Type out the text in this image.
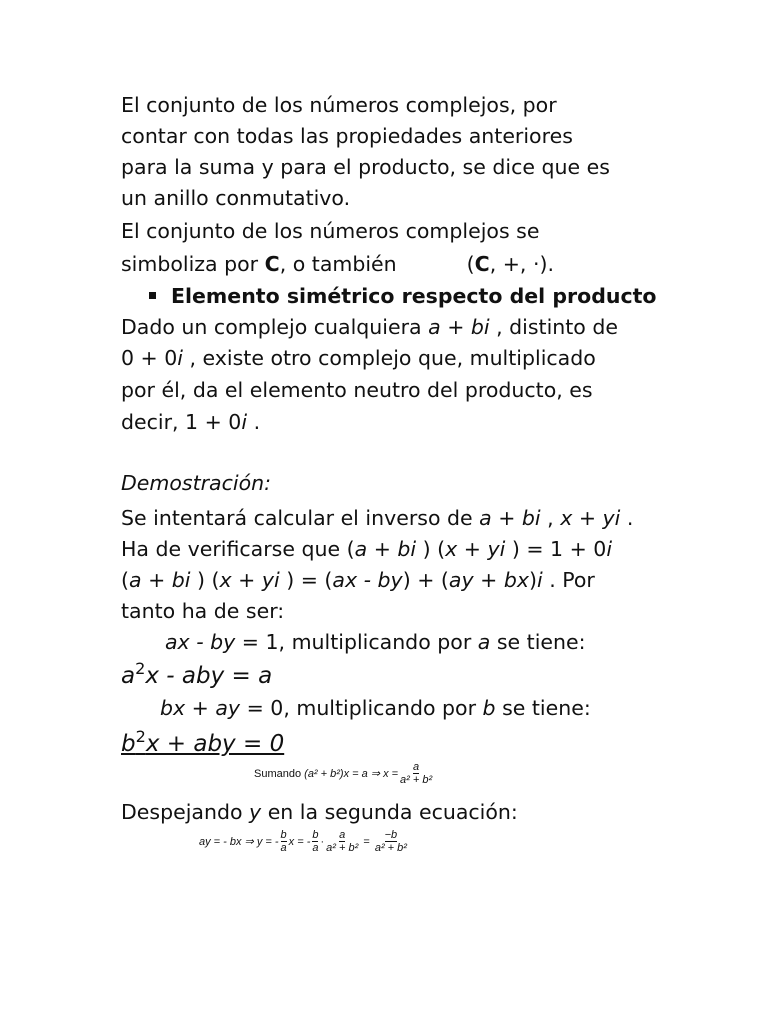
El conjunto de los números complejos, por
contar con todas las propiedades anteriores
para la suma y para el producto, se dice que es
un anillo conmutativo.
El conjunto de los números complejos se
simboliza por C, o también	(C, +, ·).
Elemento simétrico respecto del producto
Dado un complejo cualquiera a + bi , distinto de
0 + 0i , existe otro complejo que, multiplicado
por él, da el elemento neutro del producto, es
decir, 1 + 0i .
Demostración:
Se intentará calcular el inverso de a + bi , x + yi .
Ha de verificarse que (a + bi ) (x + yi ) = 1 + 0i
(a + bi ) (x + yi ) = (ax - by) + (ay + bx)i . Por
tanto ha de ser:
ax - by = 1, multiplicando por a se tiene:
$a^2x$ - aby = a
bx + ay = 0, multiplicando por b se tiene:
$b^2x$ + aby = 0
Sumando
(a² + b²)x = a ⇒ $x = \frac{a}{\text{a² + b²}}$
Despejando y en la segunda ecuación:
ay = - bx ⇒ y = - $\frac{b}{a}$ x = - $\frac{b}{a} \cdot \frac{a}{\text{a² + b²}}$
=
$\frac{-b}{\text{a² + b²}}$
